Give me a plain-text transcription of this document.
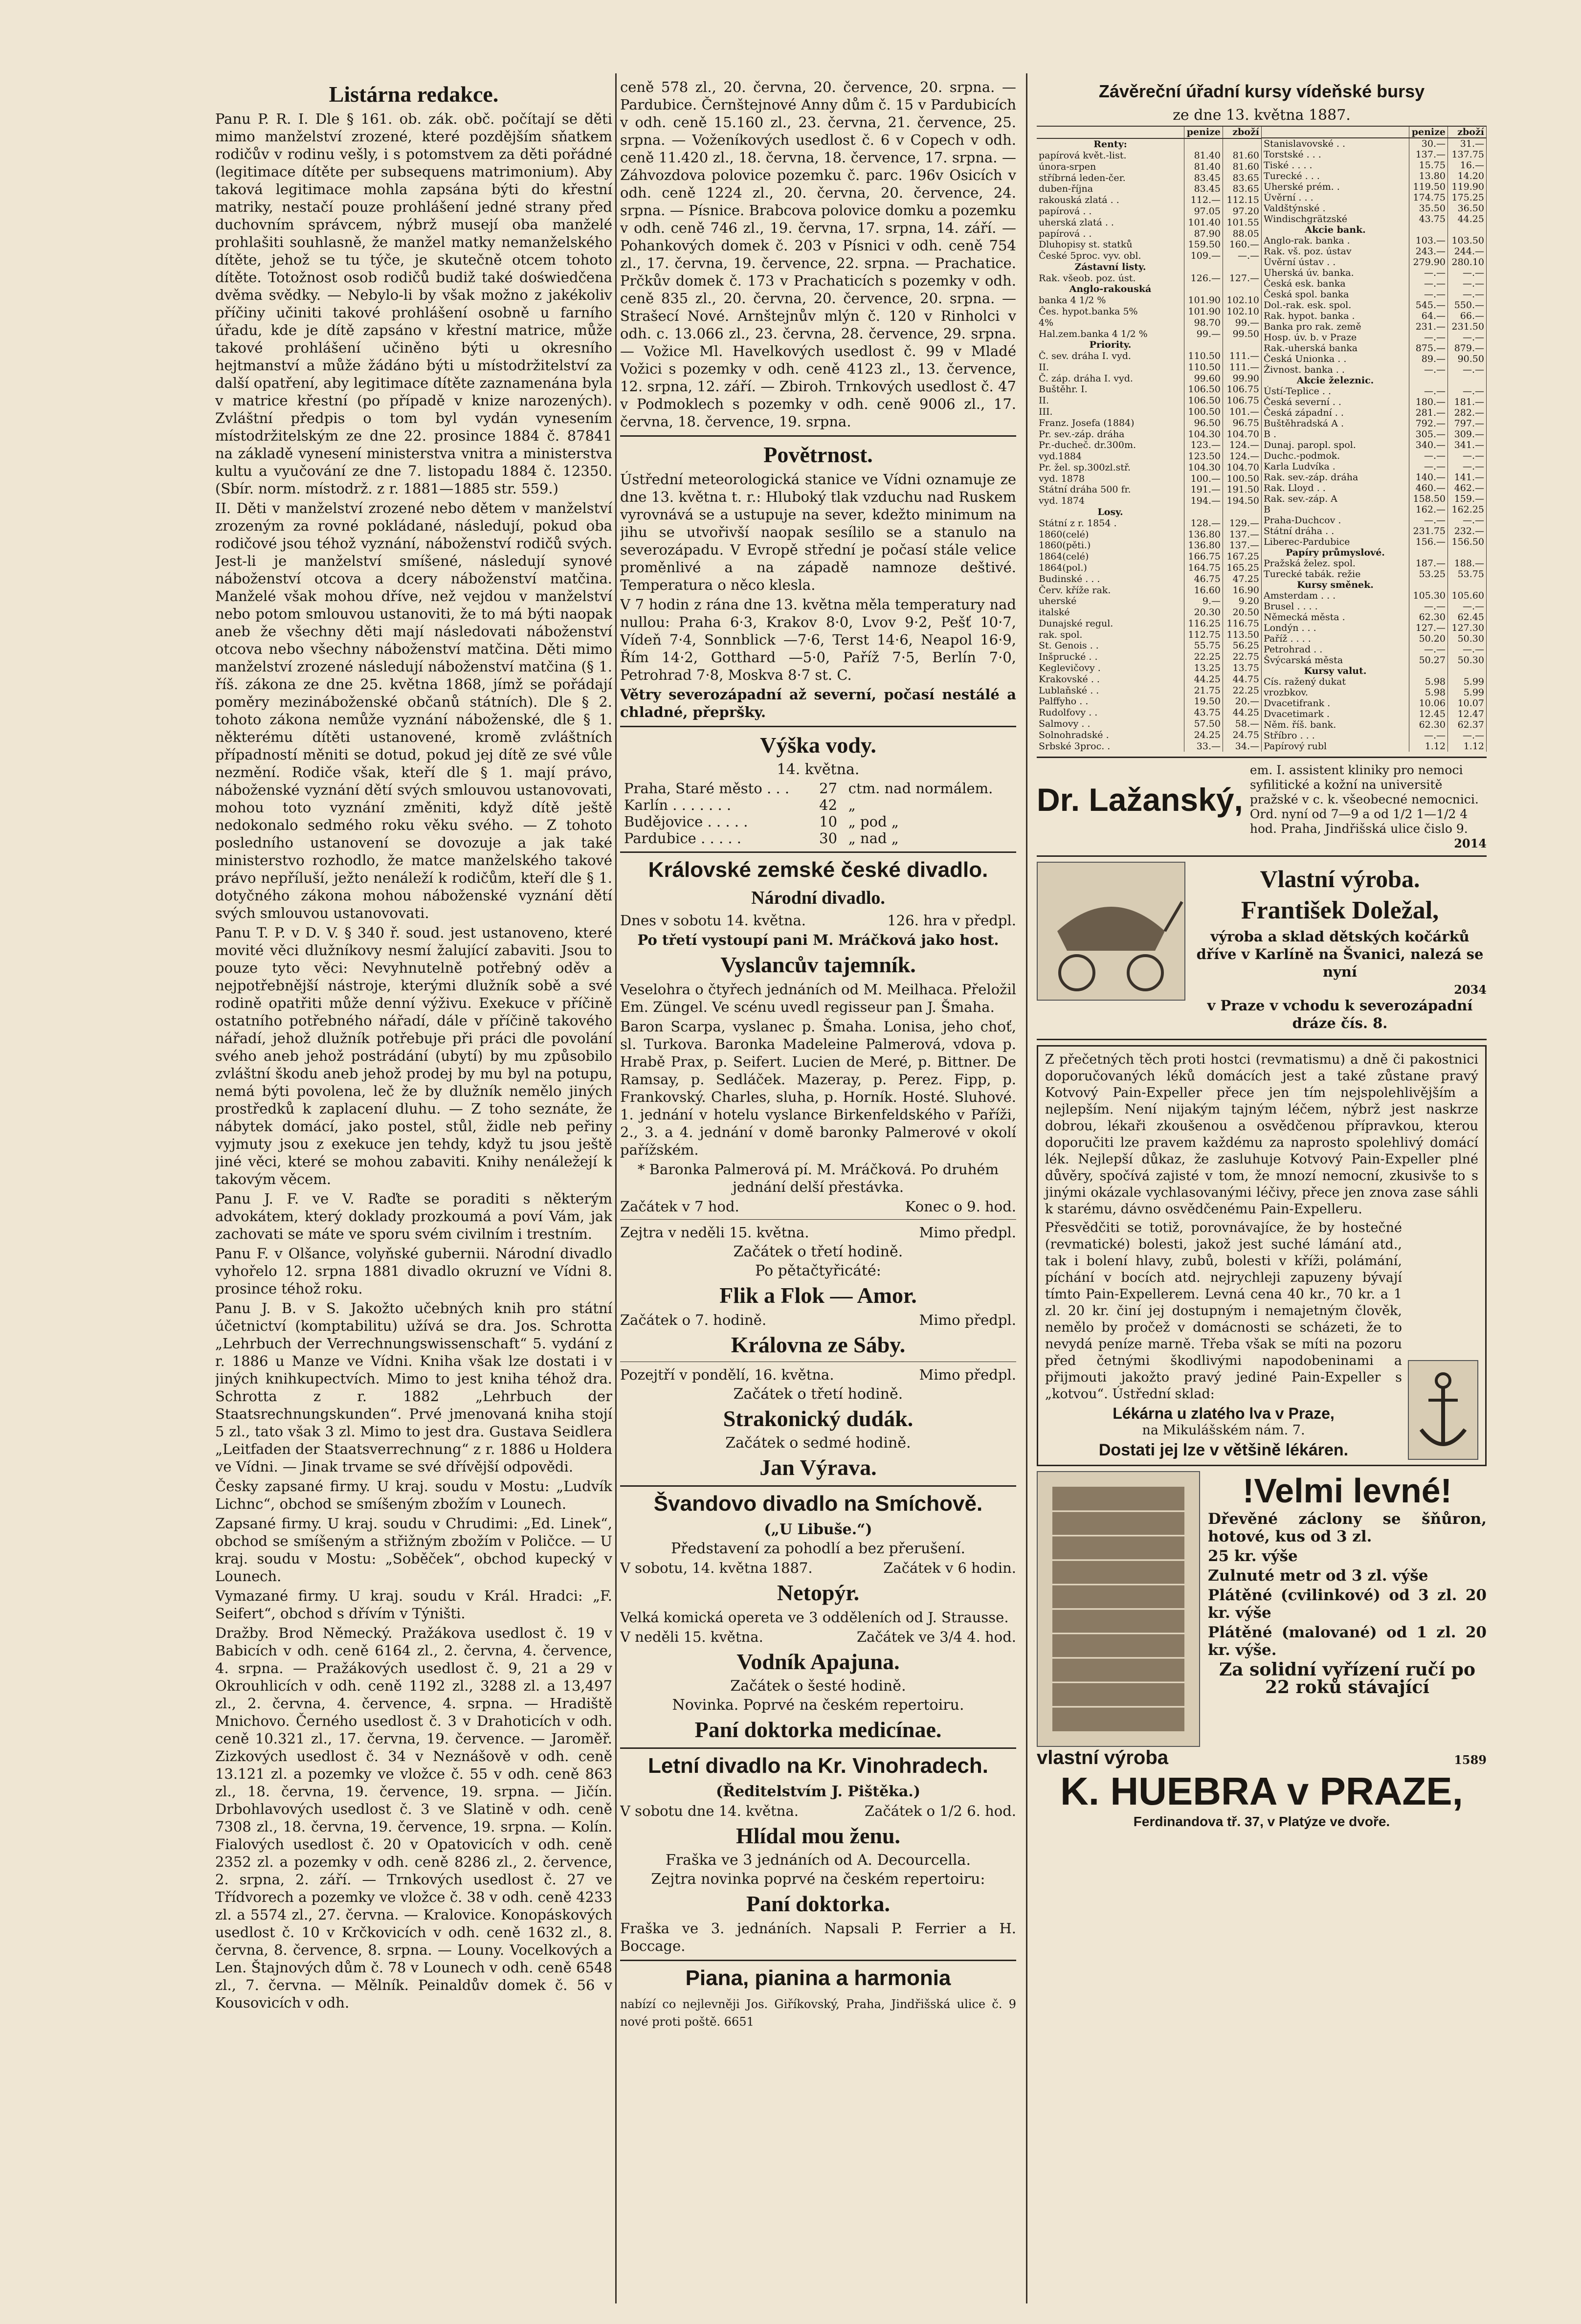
Listárna redakce.

Panu P. R. I. Dle § 161. ob. zák. obč. počítají se děti mimo manželství zrozené, které pozdějším sňatkem rodičův v rodinu vešly, i s potomstvem za děti pořádné (legitimace dítěte per subsequens matrimonium). Aby taková legitimace mohla zapsána býti do křestní matriky, nestačí pouze prohlášení jedné strany před duchovním správcem, nýbrž musejí oba manželé prohlašiti souhlasně, že manžel matky nemanželského dítěte, jehož se tu týče, je skutečně otcem tohoto dítěte. Totožnost osob rodičů budiž také doświedčena dvěma svědky. — Nebylo-li by však možno z jakékoliv příčiny učiniti takové prohlášení osobně u farního úřadu, kde je dítě zapsáno v křestní matrice, může takové prohlášení učiněno býti u okresního hejtmanství a může žádáno býti u místodržitelství za další opatření, aby legitimace dítěte zaznamenána byla v matrice křestní (po případě v knize narozených). Zvláštní předpis o tom byl vydán vynesením místodržitelským ze dne 22. prosince 1884 č. 87841 na základě vynesení ministerstva vnitra a ministerstva kultu a vyučování ze dne 7. listopadu 1884 č. 12350. (Sbír. norm. místodrž. z r. 1881—1885 str. 559.)

II. Děti v manželství zrozené nebo dětem v manželství zrozeným za rovné pokládané, následují, pokud oba rodičové jsou téhož vyznání, náboženství rodičů svých. Jest-li je manželství smíšené, následují synové náboženství otcova a dcery náboženství matčina. Manželé však mohou dříve, než vejdou v manželství nebo potom smlouvou ustanoviti, že to má býti naopak aneb že všechny děti mají následovati náboženství otcova nebo všechny náboženství matčina. Děti mimo manželství zrozené následují náboženství matčina (§ 1. říš. zákona ze dne 25. května 1868, jímž se pořádají poměry mezináboženské občanů státních). Dle § 2. tohoto zákona nemůže vyznání náboženské, dle § 1. některému dítěti ustanovené, kromě zvláštních případností měniti se dotud, pokud jej dítě ze své vůle nezmění. Rodiče však, kteří dle § 1. mají právo, náboženské vyznání dětí svých smlouvou ustanovovati, mohou toto vyznání změniti, když dítě ještě nedokonalo sedmého roku věku svého. — Z tohoto posledního ustanovení se dovozuje a jak také ministerstvo rozhodlo, že matce manželského takové právo nepříluší, ježto nenáleží k rodičům, kteří dle § 1. dotyčného zákona mohou náboženské vyznání dětí svých smlouvou ustanovovati.

Panu T. P. v D. V. § 340 ř. soud. jest ustanoveno, které movité věci dlužníkovy nesmí žalující zabaviti. Jsou to pouze tyto věci: Nevyhnutelně potřebný oděv a nejpotřebnější nástroje, kterými dlužník sobě a své rodině opatřiti může denní výživu. Exekuce v příčině ostatního potřebného nářadí, dále v příčině takového nářadí, jehož dlužník potřebuje při práci dle povolání svého aneb jehož postrádání (ubytí) by mu způsobilo zvláštní škodu aneb jehož prodej by mu byl na potupu, nemá býti povolena, leč že by dlužník nemělo jiných prostředků k zaplacení dluhu. — Z toho seznáte, že nábytek domácí, jako postel, stůl, židle neb peřiny vyjmuty jsou z exekuce jen tehdy, když tu jsou ještě jiné věci, které se mohou zabaviti. Knihy nenáležejí k takovým věcem.

Panu J. F. ve V. Raďte se poraditi s některým advokátem, který doklady prozkoumá a poví Vám, jak zachovati se máte ve sporu svém civilním i trestním.

Panu F. v Olšance, volyňské gubernii. Národní divadlo vyhořelo 12. srpna 1881 divadlo okruzní ve Vídni 8. prosince téhož roku.

Panu J. B. v S. Jakožto učebných knih pro státní účetnictví (komptabilitu) užívá se dra. Jos. Schrotta „Lehrbuch der Verrechnungswissenschaft“ 5. vydání z r. 1886 u Manze ve Vídni. Kniha však lze dostati i v jiných knihkupectvích. Mimo to jest kniha téhož dra. Schrotta z r. 1882 „Lehrbuch der Staatsrechnungskunden“. Prvé jmenovaná kniha stojí 5 zl., tato však 3 zl. Mimo to jest dra. Gustava Seidlera „Leitfaden der Staatsverrechnung“ z r. 1886 u Holdera ve Vídni. — Jinak trvame se své dřívější odpovědi.

Česky zapsané firmy. U kraj. soudu v Mostu: „Ludvík Lichnc“, obchod se smíšeným zbožím v Lounech.

Zapsané firmy. U kraj. soudu v Chrudimi: „Ed. Linek“, obchod se smíšeným a střižným zbožím v Poličce. — U kraj. soudu v Mostu: „Soběček“, obchod kupecký v Lounech.

Vymazané firmy. U kraj. soudu v Král. Hradci: „F. Seifert“, obchod s dřívím v Týništi.

Dražby. Brod Německý. Pražákova usedlost č. 19 v Babicích v odh. ceně 6164 zl., 2. června, 4. července, 4. srpna. — Pražákových usedlost č. 9, 21 a 29 v Okrouhlicích v odh. ceně 1192 zl., 3288 zl. a 13,497 zl., 2. června, 4. července, 4. srpna. — Hradiště Mnichovo. Černého usedlost č. 3 v Drahoticích v odh. ceně 10.321 zl., 17. června, 19. července. — Jaroměř. Zizkových usedlost č. 34 v Neznášově v odh. ceně 13.121 zl. a pozemky ve vložce č. 55 v odh. ceně 863 zl., 18. června, 19. července, 19. srpna. — Jičín. Drbohlavových usedlost č. 3 ve Slatině v odh. ceně 7308 zl., 18. června, 19. července, 19. srpna. — Kolín. Fialových usedlost č. 20 v Opatovicích v odh. ceně 2352 zl. a pozemky v odh. ceně 8286 zl., 2. července, 2. srpna, 2. září. — Trnkových usedlost č. 27 ve Třídvorech a pozemky ve vložce č. 38 v odh. ceně 4233 zl. a 5574 zl., 27. června. — Kralovice. Konopáskových usedlost č. 10 v Krčkovicích v odh. ceně 1632 zl., 8. června, 8. července, 8. srpna. — Louny. Vocelkových a Len. Štajnových dům č. 78 v Lounech v odh. ceně 6548 zl., 7. června. — Mělník. Peinaldův domek č. 56 v Kousovicích v odh.

ceně 578 zl., 20. června, 20. července, 20. srpna. — Pardubice. Černštejnové Anny dům č. 15 v Pardubicích v odh. ceně 15.160 zl., 23. června, 21. července, 25. srpna. — Voženíkových usedlost č. 6 v Copech v odh. ceně 11.420 zl., 18. června, 18. července, 17. srpna. — Záhvozdova polovice pozemku č. parc. 196v Osicích v odh. ceně 1224 zl., 20. června, 20. července, 24. srpna. — Písnice. Brabcova polovice domku a pozemku v odh. ceně 746 zl., 19. června, 17. srpna, 14. září. — Pohankových domek č. 203 v Písnici v odh. ceně 754 zl., 17. června, 19. července, 22. srpna. — Prachatice. Prčkův domek č. 173 v Prachaticích s pozemky v odh. ceně 835 zl., 20. června, 20. července, 20. srpna. — Strašecí Nové. Arnštejnův mlýn č. 120 v Rinholci v odh. c. 13.066 zl., 23. června, 28. července, 29. srpna. — Vožice Ml. Havelkových usedlost č. 99 v Mladé Vožici s pozemky v odh. ceně 4123 zl., 13. července, 12. srpna, 12. září. — Zbiroh. Trnkových usedlost č. 47 v Podmoklech s pozemky v odh. ceně 9006 zl., 17. června, 18. července, 19. srpna.

Povětrnost.

Ústřední meteorologická stanice ve Vídni oznamuje ze dne 13. května t. r.: Hluboký tlak vzduchu nad Ruskem vyrovnává se a ustupuje na sever, kdežto minimum na jihu se utvořivší naopak sesílilo se a stanulo na severozápadu. V Evropě střední je počasí stále velice proměnlivé a na západě namnoze deštivé. Temperatura o něco klesla.

V 7 hodin z rána dne 13. května měla temperatury nad nullou: Praha 6·3, Krakov 8·0, Lvov 9·2, Pešť 10·7, Vídeň 7·4, Sonnblick —7·6, Terst 14·6, Neapol 16·9, Řím 14·2, Gotthard —5·0, Paříž 7·5, Berlín 7·0, Petrohrad 7·8, Moskva 8·7 st. C.

Větry severozápadní až severní, počasí nestálé a chladné, přepršky.

Výška vody.
14. května.
Praha, Staré město . . .	27	ctm. nad normálem.
Karlín . . . . . . .	42	„
Budějovice . . . . .	10	„ pod „
Pardubice . . . . .	30	„ nad „
Královské zemské české divadlo.
Národní divadlo.

Dnes v sobotu 14. května.	126. hra v předpl.

Po třetí vystoupí pani M. Mráčková jako host.

Vyslancův tajemník.

Veselohra o čtyřech jednáních od M. Meilhaca. Přeložil Em. Züngel. Ve scénu uvedl regisseur pan J. Šmaha.

Baron Scarpa, vyslanec p. Šmaha. Lonisa, jeho choť, sl. Turkova. Baronka Madeleine Palmerová, vdova p. Hrabě Prax, p. Seifert. Lucien de Meré, p. Bittner. De Ramsay, p. Sedláček. Mazeray, p. Perez. Fipp, p. Frankovský. Charles, sluha, p. Horník. Hosté. Sluhové. 1. jednání v hotelu vyslance Birkenfeldského v Paříži, 2., 3. a 4. jednání v domě baronky Palmerové v okolí pařížském.

* Baronka Palmerová pí. M. Mráčková. Po druhém jednání delší přestávka.

Začátek v 7 hod.	Konec o 9. hod.

Zejtra v neděli 15. května.	Mimo předpl.

Začátek o třetí hodině.
Po pětačtyřicáté:
Flik a Flok — Amor.

Začátek o 7. hodině.	Mimo předpl.

Královna ze Sáby.

Pozejtří v pondělí, 16. května.	Mimo předpl.

Začátek o třetí hodině.
Strakonický dudák.
Začátek o sedmé hodině.
Jan Výrava.
Švandovo divadlo na Smíchově.
(„U Libuše.“)
Představení za pohodlí a bez přerušení.

V sobotu, 14. května 1887.	Začátek v 6 hodin.

Netopýr.

Velká komická opereta ve 3 odděleních od J. Strausse.

V neděli 15. května.	Začátek ve 3/4 4. hod.

Vodník Apajuna.
Začátek o šesté hodině.
Novinka. Poprvé na českém repertoiru.
Paní doktorka medicínae.
Letní divadlo na Kr. Vinohradech.
(Ředitelstvím J. Pištěka.)

V sobotu dne 14. května.	Začátek o 1/2 6. hod.

Hlídal mou ženu.
Fraška ve 3 jednáních od A. Decourcella.
Zejtra novinka poprvé na českém repertoiru:
Paní doktorka.

Fraška ve 3. jednáních. Napsali P. Ferrier a H. Boccage.

Piana, pianina a harmonia

nabízí co nejlevněji Jos. Giříkovský, Praha, Jindřišská ulice č. 9 nové proti poště. 6651

Závěreční úřadní kursy vídeňské bursy
ze dne 13. května 1887.
	penize	zboží
Renty:		
papírová květ.-list.	81.40	81.60
února-srpen	81.40	81.60
stříbrná leden-čer.	83.45	83.65
duben-října	83.45	83.65
rakouská zlatá . .	112.—	112.15
papírová . .	97.05	97.20
uherská zlatá . .	101.40	101.55
papírová . .	87.90	88.05
Dluhopisy st. statků	159.50	160.—
České 5proc. vyv. obl.	109.—	—.—
Zástavní listy.		
Rak. všeob. poz. úst.	126.—	127.—
Anglo-rakouská		
banka 4 1/2 %	101.90	102.10
Čes. hypot.banka 5%	101.90	102.10
4%	98.70	99.—
Hal.zem.banka 4 1/2 %	99.—	99.50
Priority.		
Č. sev. dráha I. vyd.	110.50	111.—
II.	110.50	111.—
Č. záp. dráha I. vyd.	99.60	99.90
Buštěhr. I.	106.50	106.75
II.	106.50	106.75
III.	100.50	101.—
Franz. Josefa (1884)	96.50	96.75
Pr. sev.-záp. dráha	104.30	104.70
Pr.-ducheč. dr.300m.	123.—	124.—
vyd.1884	123.50	124.—
Pr. žel. sp.300zl.stř.	104.30	104.70
vyd. 1878	100.—	100.50
Státní dráha 500 fr.	191.—	191.50
vyd. 1874	194.—	194.50
Losy.		
Státní z r. 1854 .	128.—	129.—
1860(celé)	136.80	137.—
1860(pěti.)	136.80	137.—
1864(celé)	166.75	167.25
1864(pol.)	164.75	165.25
Budinské . . .	46.75	47.25
Červ. kříže rak.	16.60	16.90
uherské	9.—	9.20
italské	20.30	20.50
Dunajské regul.	116.25	116.75
rak. spol.	112.75	113.50
St. Genois . .	55.75	56.25
Inšprucké . .	22.25	22.75
Keglevičovy .	13.25	13.75
Krakovské . .	44.25	44.75
Lublaňské . .	21.75	22.25
Palffyho . .	19.50	20.—
Rudolfovy . .	43.75	44.25
Salmovy . .	57.50	58.—
Solnohradské .	24.25	24.75
Srbské 3proc. .	33.—	34.—
	penize	zboží
Stanislavovské . .	30.—	31.—
Torstské . . .	137.—	137.75
Tiské . . . .	15.75	16.—
Turecké . . .	13.80	14.20
Uherské prém. .	119.50	119.90
Úvěrní . . .	174.75	175.25
Valdštýnské .	35.50	36.50
Windischgrätzské	43.75	44.25
Akcie bank.		
Anglo-rak. banka .	103.—	103.50
Rak. vš. poz. ústav	243.—	244.—
Úvěrní ústav . .	279.90	280.10
Uherská úv. banka.	—.—	—.—
Česká esk. banka	—.—	—.—
Česká spol. banka	—.—	—.—
Dol.-rak. esk. spol.	545.—	550.—
Rak. hypot. banka .	64.—	66.—
Banka pro rak. země	231.—	231.50
Hosp. úv. b. v Praze	—.—	—.—
Rak.-uherská banka	875.—	879.—
Česká Unionka . .	89.—	90.50
Živnost. banka . .	—.—	—.—
Akcie železnic.		
Ústí-Teplice . .	—.—	—.—
Česká severní . .	180.—	181.—
Česká západní . .	281.—	282.—
Buštěhradská A .	792.—	797.—
B .	305.—	309.—
Dunaj. paropl. spol.	340.—	341.—
Duchc.-podmok.	—.—	—.—
Karla Ludvíka .	—.—	—.—
Rak. sev.-záp. dráha	140.—	141.—
Rak. Lloyd . .	460.—	462.—
Rak. sev.-záp. A	158.50	159.—
B	162.—	162.25
Praha-Duchcov .	—.—	—.—
Státní dráha . .	231.75	232.—
Liberec-Pardubice	156.—	156.50
Papíry průmyslové.		
Pražská želez. spol.	187.—	188.—
Turecké tabák. režie	53.25	53.75
Kursy směnek.		
Amsterdam . . .	105.30	105.60
Brusel . . . .	—.—	—.—
Německá města .	62.30	62.45
Londýn . . .	127.—	127.30
Paříž . . . .	50.20	50.30
Petrohrad . .	—.—	—.—
Švýcarská města	50.27	50.30
Kursy valut.		
Cís. ražený dukat	5.98	5.99
vrozbkov.	5.98	5.99
Dvacetifrank .	10.06	10.07
Dvacetimark .	12.45	12.47
Něm. říš. bank.	62.30	62.37
Stříbro . . .	—.—	—.—
Papírový rubl	1.12	1.12
Dr. Lažanský,
em. I. assistent kliniky pro nemoci syfilitické a kožní na universitě pražské v c. k. všeobecné nemocnici. Ord. nyní od 7—9 a od 1/2 1—1/2 4 hod. Praha, Jindřišská ulice čislo 9.
2014
Vlastní výroba.
František Doležal,

výroba a sklad dětských kočárků dříve v Karlíně na Švanici, nalezá se nyní

2034

v Praze v vchodu k severozápadní dráze čís. 8.

Z přečetných těch proti hostci (revmatismu) a dně či pakostnici doporučovaných léků domácích jest a také zůstane pravý Kotvový Pain-Expeller přece jen tím nejspolehlivějším a nejlepším. Není nijakým tajným léčem, nýbrž jest naskrze dobrou, lékaři zkoušenou a osvědčenou přípravkou, kterou doporučiti lze pravem každému za naprosto spolehlivý domácí lék. Nejlepší důkaz, že zasluhuje Kotvový Pain-Expeller plné důvěry, spočívá zajisté v tom, že mnozí nemocní, zkusivše to s jinými okázale vychlasovanými léčivy, přece jen znova zase sáhli k starému, dávno osvědčenému Pain-Expelleru.

Přesvědčiti se totiž, porovnávajíce, že by hostečné (revmatické) bolesti, jakož jest suché lámání atd., tak i bolení hlavy, zubů, bolesti v kříži, polámání, píchání v bocích atd. nejrychleji zapuzeny bývají tímto Pain-Expellerem. Levná cena 40 kr., 70 kr. a 1 zl. 20 kr. činí jej dostupným i nemajetným člověk, nemělo by pročež v domácnosti se scházeti, že to nevydá peníze marně. Třeba však se míti na pozoru před četnými škodlivými napodobeninami a přijmouti jakožto pravý jediné Pain-Expeller s „kotvou“. Ústřední sklad:

Lékárna u zlatého lva v Praze,
na Mikulášském nám. 7.
Dostati jej lze v většině lékáren.
!Velmi levné!

Dřevěné záclony se šňůron, hotové, kus od 3 zl.

25 kr. výše

Zulnuté metr od 3 zl. výše

Plátěné (cvilinkové) od 3 zl. 20 kr. výše

Plátěné (malované) od 1 zl. 20 kr. výše.

Za solidní vyřízení ručí po 22 roků stávající

vlastní výroba	1589
K. HUEBRA v PRAZE,
Ferdinandova tř. 37, v Platýze ve dvoře.
